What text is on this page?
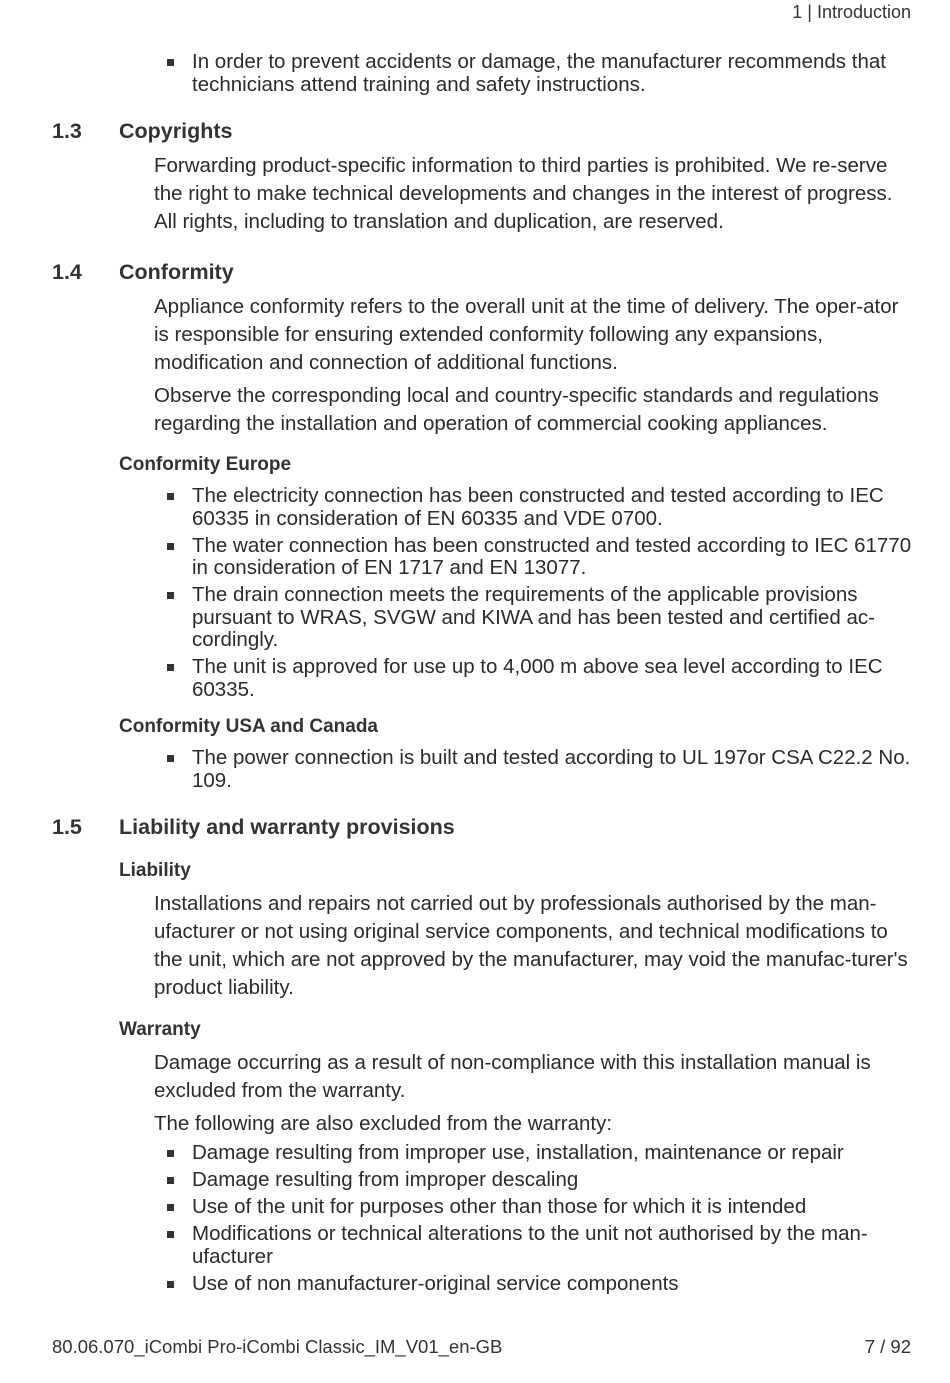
1 | Introduction
In order to prevent accidents or damage, the manufacturer recommends that technicians attend training and safety instructions.
1.3 Copyrights

Forwarding product-specific information to third parties is prohibited. We re-serve the right to make technical developments and changes in the interest of progress. All rights, including to translation and duplication, are reserved.

1.4 Conformity

Appliance conformity refers to the overall unit at the time of delivery. The oper-ator is responsible for ensuring extended conformity following any expansions, modification and connection of additional functions.

Observe the corresponding local and country-specific standards and regulations regarding the installation and operation of commercial cooking appliances.

Conformity Europe
The electricity connection has been constructed and tested according to IEC 60335 in consideration of EN 60335 and VDE 0700.
The water connection has been constructed and tested according to IEC 61770 in consideration of EN 1717 and EN 13077.
The drain connection meets the requirements of the applicable provisions pursuant to WRAS, SVGW and KIWA and has been tested and certified ac-cordingly.
The unit is approved for use up to 4,000 m above sea level according to IEC 60335.
Conformity USA and Canada
The power connection is built and tested according to UL 197or CSA C22.2 No. 109.
1.5 Liability and warranty provisions
Liability

Installations and repairs not carried out by professionals authorised by the man-ufacturer or not using original service components, and technical modifications to the unit, which are not approved by the manufacturer, may void the manufac-turer's product liability.

Warranty

Damage occurring as a result of non-compliance with this installation manual is excluded from the warranty.

The following are also excluded from the warranty:

Damage resulting from improper use, installation, maintenance or repair
Damage resulting from improper descaling
Use of the unit for purposes other than those for which it is intended
Modifications or technical alterations to the unit not authorised by the man-ufacturer
Use of non manufacturer-original service components
80.06.070_iCombi Pro-iCombi Classic_IM_V01_en-GB	7 / 92
